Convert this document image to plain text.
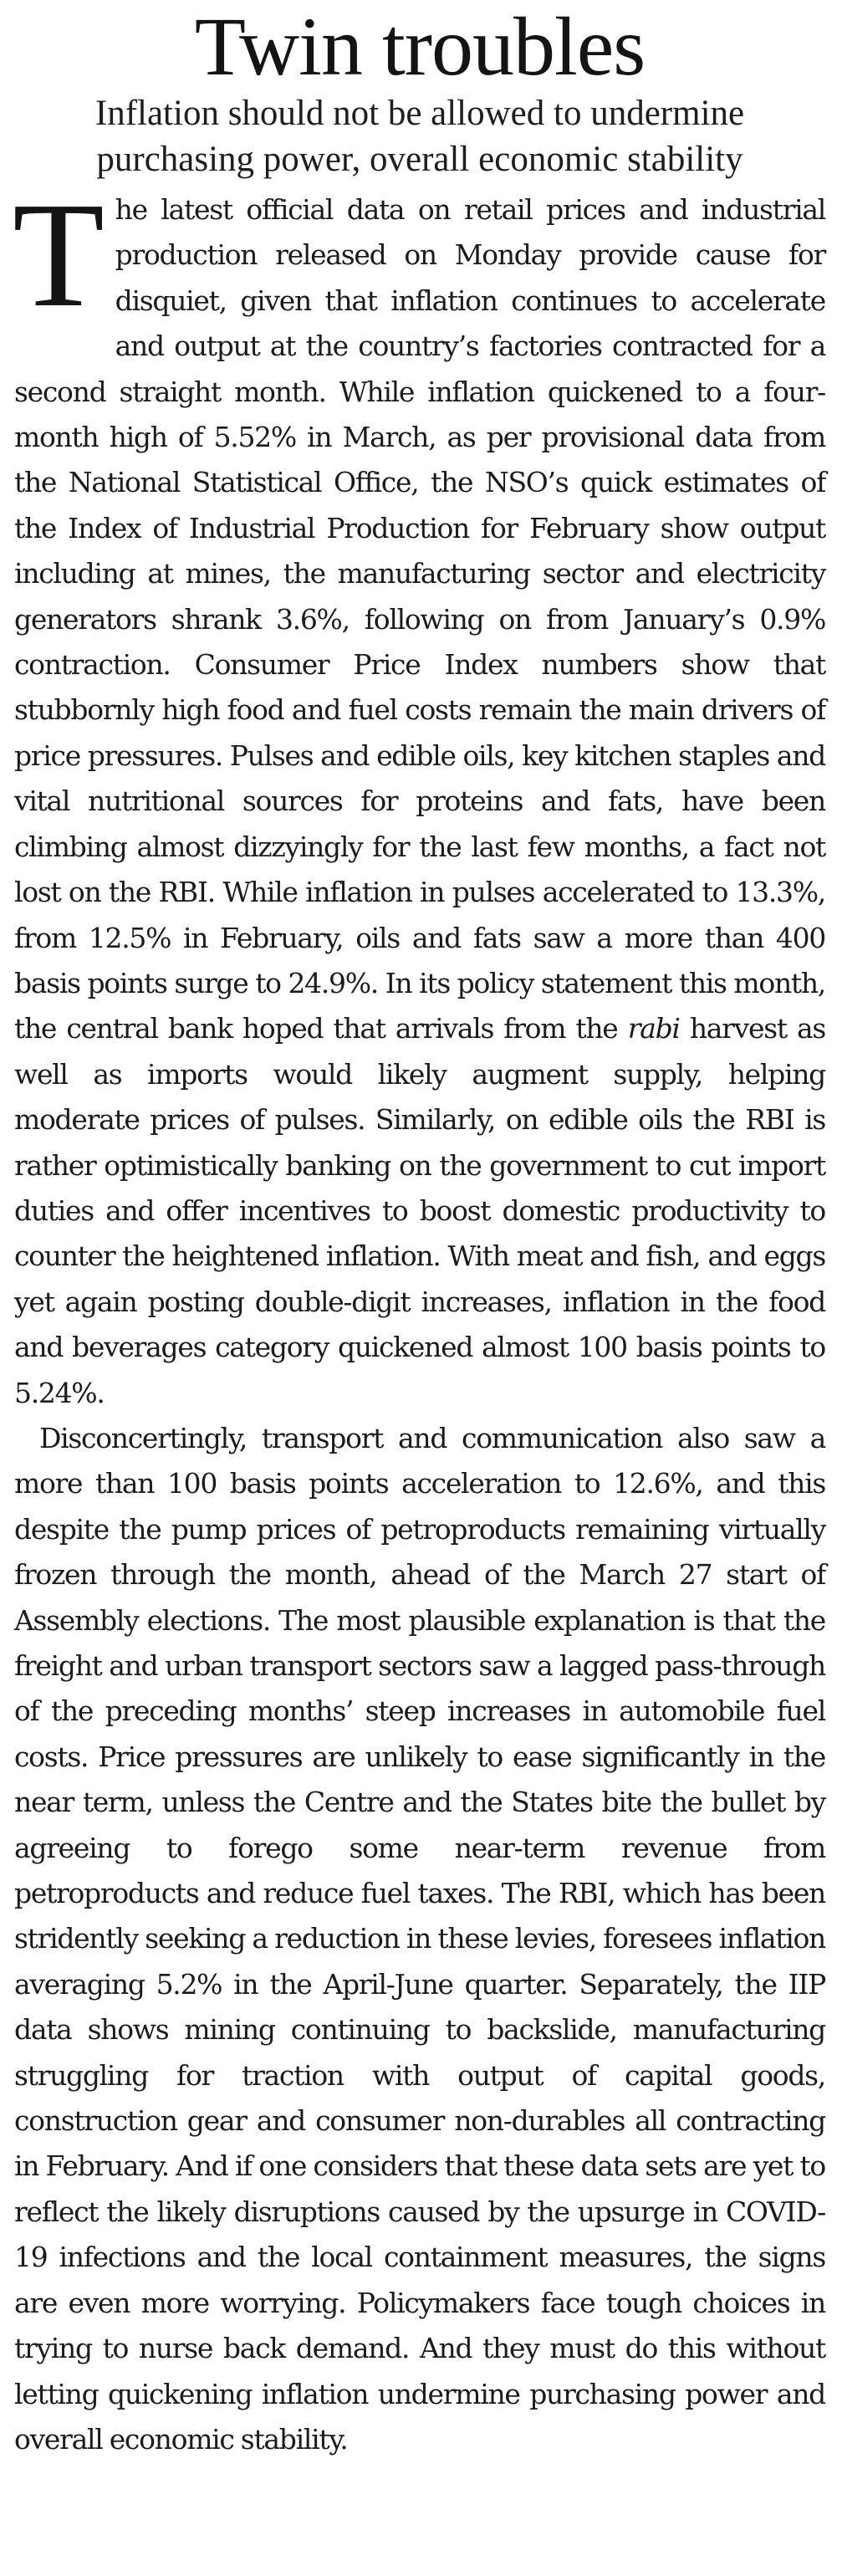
Twin troubles
Inflation should not be allowed to undermine purchasing power, overall economic stability

The latest official data on retail prices and industrial production released on Monday provide cause for disquiet, given that inflation continues to accelerate and output at the country’s factories contracted for a second straight month. While inflation quickened to a four-month high of 5.52% in March, as per provisional data from the National Statistical Office, the NSO’s quick estimates of the Index of Industrial Production for February show output including at mines, the manufacturing sector and electricity generators shrank 3.6%, following on from January’s 0.9% contraction. Consumer Price Index numbers show that stubbornly high food and fuel costs remain the main drivers of price pressures. Pulses and edible oils, key kitchen staples and vital nutritional sources for proteins and fats, have been climbing almost dizzyingly for the last few months, a fact not lost on the RBI. While inflation in pulses accelerated to 13.3%, from 12.5% in February, oils and fats saw a more than 400 basis points surge to 24.9%. In its policy statement this month, the central bank hoped that arrivals from the rabi harvest as well as imports would likely augment supply, helping moderate prices of pulses. Similarly, on edible oils the RBI is rather optimistically banking on the government to cut import duties and offer incentives to boost domestic productivity to counter the heightened inflation. With meat and fish, and eggs yet again posting double-digit increases, inflation in the food and beverages category quickened almost 100 basis points to 5.24%.

Disconcertingly, transport and communication also saw a more than 100 basis points acceleration to 12.6%, and this despite the pump prices of petroproducts remaining virtually frozen through the month, ahead of the March 27 start of Assembly elections. The most plausible explanation is that the freight and urban transport sectors saw a lagged pass-through of the preceding months’ steep increases in automobile fuel costs. Price pressures are unlikely to ease significantly in the near term, unless the Centre and the States bite the bullet by agreeing to forego some near-term revenue from petroproducts and reduce fuel taxes. The RBI, which has been stridently seeking a reduction in these levies, foresees inflation averaging 5.2% in the April-June quarter. Separately, the IIP data shows mining continuing to backslide, manufacturing struggling for traction with output of capital goods, construction gear and consumer non-durables all contracting in February. And if one considers that these data sets are yet to reflect the likely disruptions caused by the upsurge in COVID-19 infections and the local containment measures, the signs are even more worrying. Policymakers face tough choices in trying to nurse back demand. And they must do this without letting quickening inflation undermine purchasing power and overall economic stability.
